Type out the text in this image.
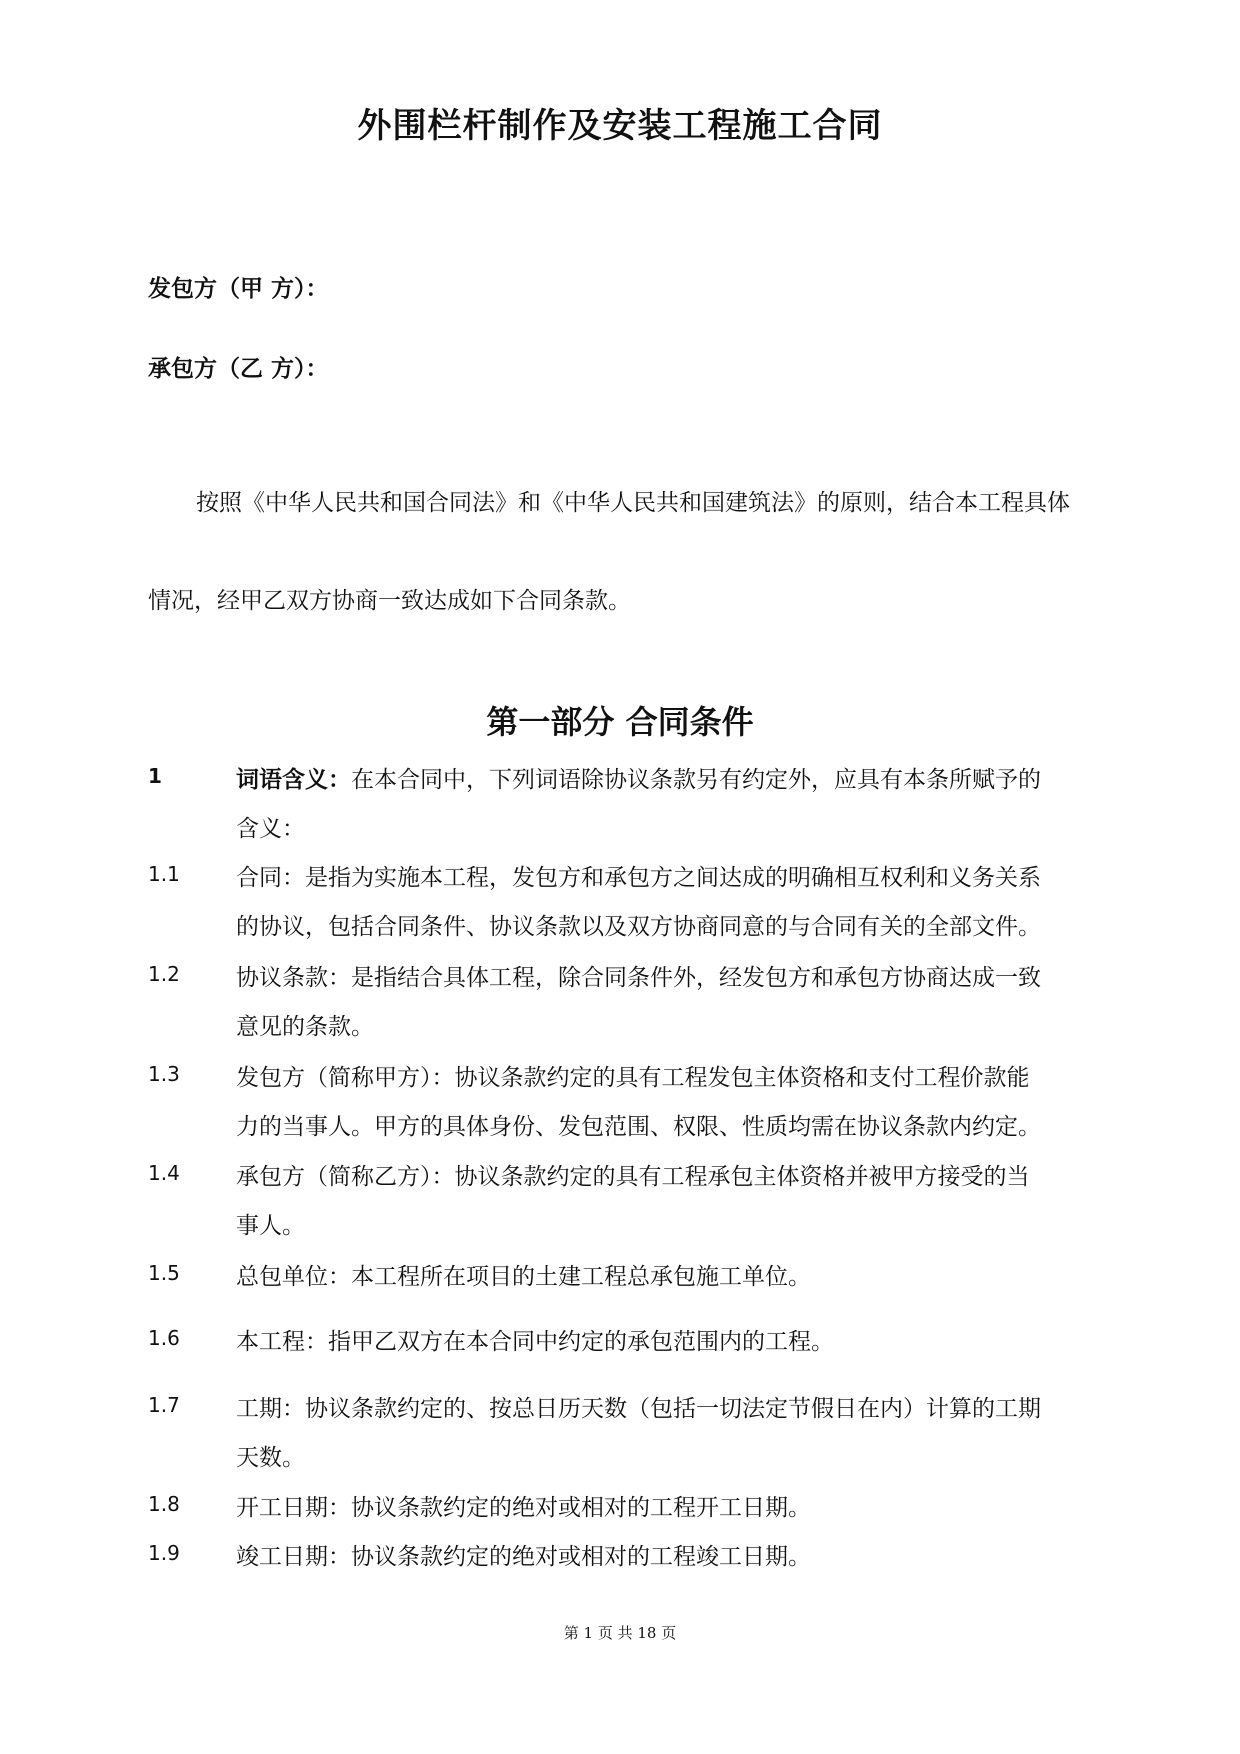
外围栏杆制作及安装工程施工合同
发包方（甲 方）：
承包方（乙 方）：
按照《中华人民共和国合同法》和《中华人民共和国建筑法》的原则，结合本工程具体
情况，经甲乙双方协商一致达成如下合同条款。
第一部分 合同条件
1	词语含义：在本合同中，下列词语除协议条款另有约定外，应具有本条所赋予的
含义：
1.1 合同：是指为实施本工程，发包方和承包方之间达成的明确相互权利和义务关系
的协议，包括合同条件、协议条款以及双方协商同意的与合同有关的全部文件。
1.2 协议条款：是指结合具体工程，除合同条件外，经发包方和承包方协商达成一致
意见的条款。
1.3 发包方（简称甲方）：协议条款约定的具有工程发包主体资格和支付工程价款能
力的当事人。甲方的具体身份、发包范围、权限、性质均需在协议条款内约定。
1.4 承包方（简称乙方）：协议条款约定的具有工程承包主体资格并被甲方接受的当
事人。
1.5 总包单位：本工程所在项目的土建工程总承包施工单位。
1.6 本工程：指甲乙双方在本合同中约定的承包范围内的工程。
1.7 工期：协议条款约定的、按总日历天数（包括一切法定节假日在内）计算的工期
天数。
1.8 开工日期：协议条款约定的绝对或相对的工程开工日期。
1.9 竣工日期：协议条款约定的绝对或相对的工程竣工日期。
第 1 页 共 18 页
